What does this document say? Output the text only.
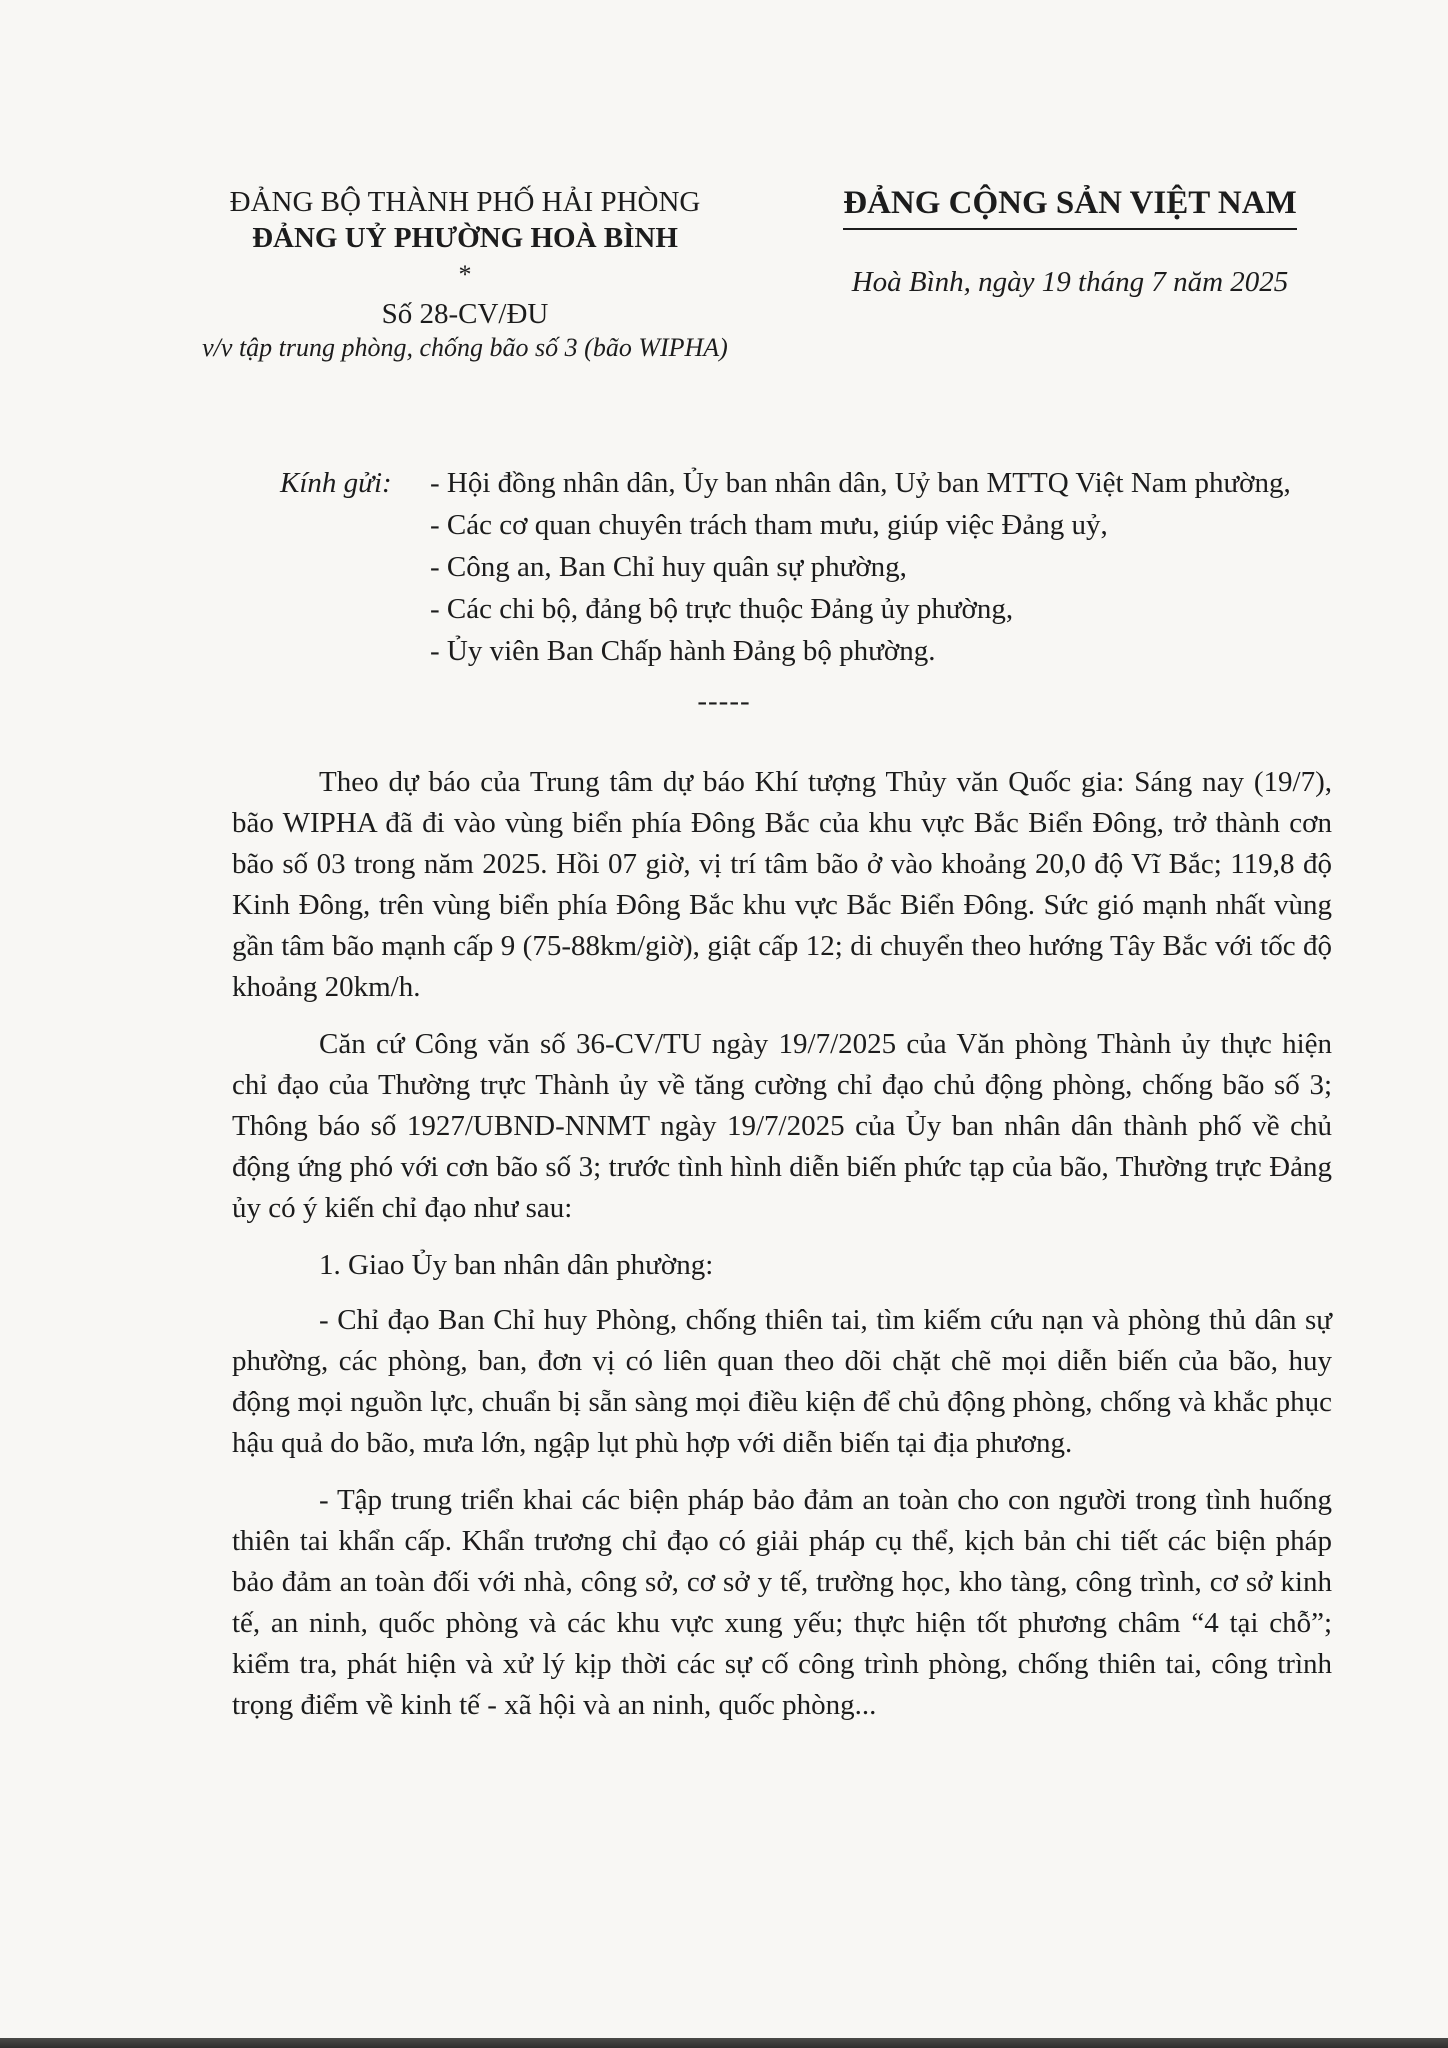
ĐẢNG BỘ THÀNH PHỐ HẢI PHÒNG
ĐẢNG UỶ PHƯỜNG HOÀ BÌNH
*
Số 28-CV/ĐU
v/v tập trung phòng, chống bão số 3 (bão WIPHA)
ĐẢNG CỘNG SẢN VIỆT NAM
Hoà Bình, ngày 19 tháng 7 năm 2025
Kính gửi: - Hội đồng nhân dân, Ủy ban nhân dân, Uỷ ban MTTQ Việt Nam phường,
- Các cơ quan chuyên trách tham mưu, giúp việc Đảng uỷ,
- Công an, Ban Chỉ huy quân sự phường,
- Các chi bộ, đảng bộ trực thuộc Đảng ủy phường,
- Ủy viên Ban Chấp hành Đảng bộ phường.
-----

Theo dự báo của Trung tâm dự báo Khí tượng Thủy văn Quốc gia: Sáng nay (19/7), bão WIPHA đã đi vào vùng biển phía Đông Bắc của khu vực Bắc Biển Đông, trở thành cơn bão số 03 trong năm 2025. Hồi 07 giờ, vị trí tâm bão ở vào khoảng 20,0 độ Vĩ Bắc; 119,8 độ Kinh Đông, trên vùng biển phía Đông Bắc khu vực Bắc Biển Đông. Sức gió mạnh nhất vùng gần tâm bão mạnh cấp 9 (75-88km/giờ), giật cấp 12; di chuyển theo hướng Tây Bắc với tốc độ khoảng 20km/h.

Căn cứ Công văn số 36-CV/TU ngày 19/7/2025 của Văn phòng Thành ủy thực hiện chỉ đạo của Thường trực Thành ủy về tăng cường chỉ đạo chủ động phòng, chống bão số 3; Thông báo số 1927/UBND-NNMT ngày 19/7/2025 của Ủy ban nhân dân thành phố về chủ động ứng phó với cơn bão số 3; trước tình hình diễn biến phức tạp của bão, Thường trực Đảng ủy có ý kiến chỉ đạo như sau:

1. Giao Ủy ban nhân dân phường:

- Chỉ đạo Ban Chỉ huy Phòng, chống thiên tai, tìm kiếm cứu nạn và phòng thủ dân sự phường, các phòng, ban, đơn vị có liên quan theo dõi chặt chẽ mọi diễn biến của bão, huy động mọi nguồn lực, chuẩn bị sẵn sàng mọi điều kiện để chủ động phòng, chống và khắc phục hậu quả do bão, mưa lớn, ngập lụt phù hợp với diễn biến tại địa phương.

- Tập trung triển khai các biện pháp bảo đảm an toàn cho con người trong tình huống thiên tai khẩn cấp. Khẩn trương chỉ đạo có giải pháp cụ thể, kịch bản chi tiết các biện pháp bảo đảm an toàn đối với nhà, công sở, cơ sở y tế, trường học, kho tàng, công trình, cơ sở kinh tế, an ninh, quốc phòng và các khu vực xung yếu; thực hiện tốt phương châm “4 tại chỗ”; kiểm tra, phát hiện và xử lý kịp thời các sự cố công trình phòng, chống thiên tai, công trình trọng điểm về kinh tế - xã hội và an ninh, quốc phòng...
